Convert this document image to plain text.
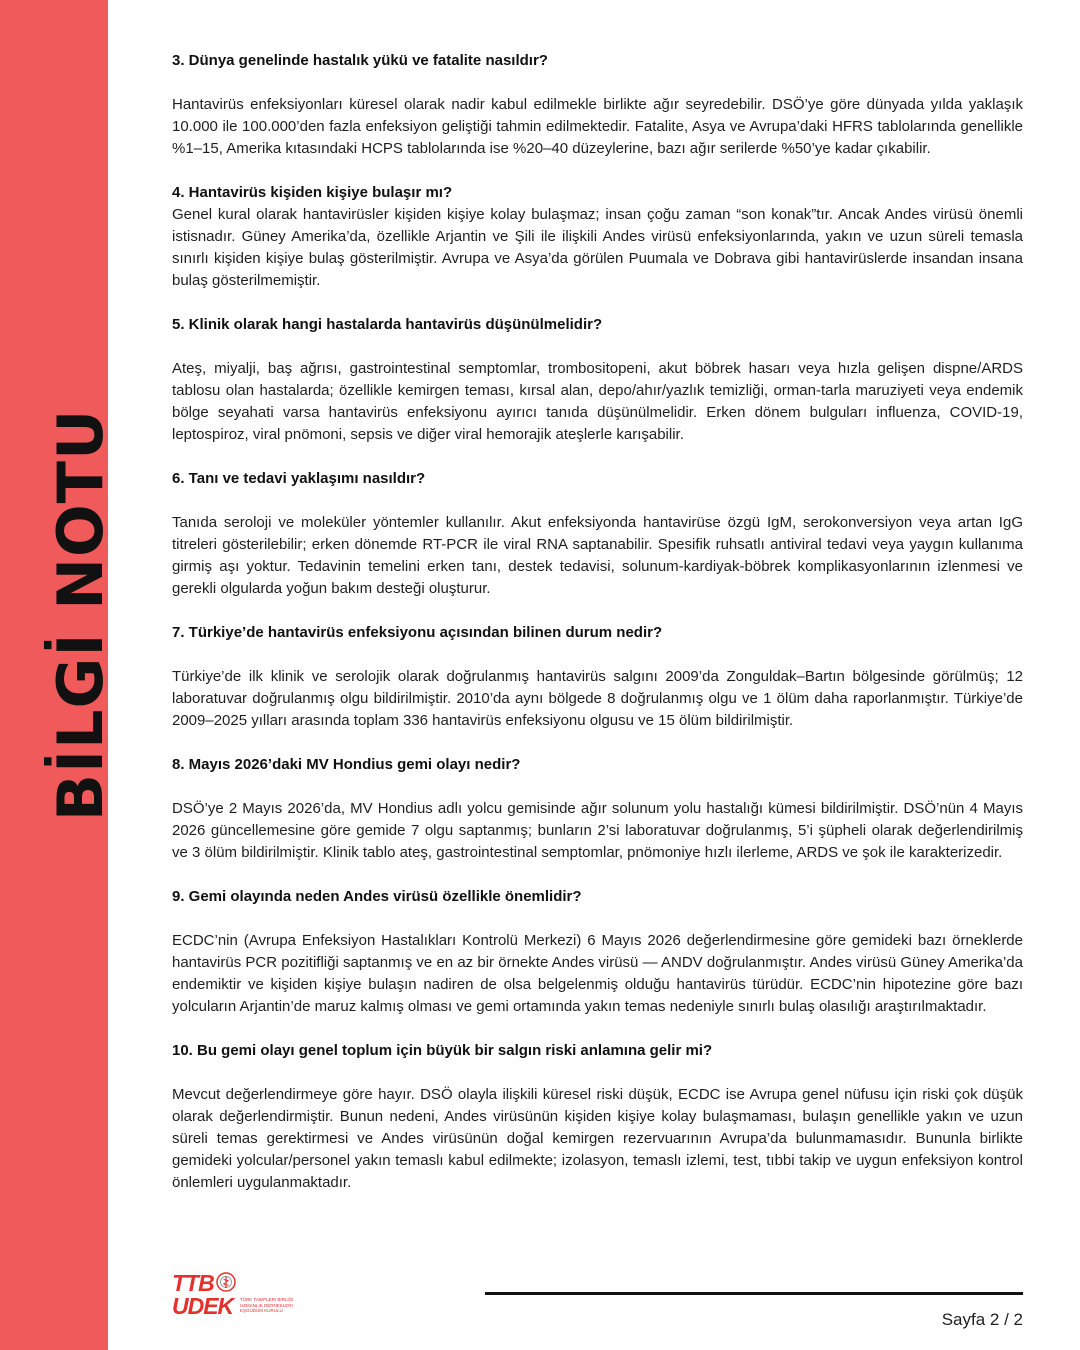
BİLGİ NOTU
3. Dünya genelinde hastalık yükü ve fatalite nasıldır?

Hantavirüs enfeksiyonları küresel olarak nadir kabul edilmekle birlikte ağır seyredebilir. DSÖ’ye göre dünyada yılda yaklaşık 10.000 ile 100.000’den fazla enfeksiyon geliştiği tahmin edilmektedir. Fatalite, Asya ve Avrupa’daki HFRS tablolarında genellikle %1–15, Amerika kıtasındaki HCPS tablolarında ise %20–40 düzeylerine, bazı ağır serilerde %50’ye kadar çıkabilir.

4. Hantavirüs kişiden kişiye bulaşır mı?

Genel kural olarak hantavirüsler kişiden kişiye kolay bulaşmaz; insan çoğu zaman “son konak”tır. Ancak Andes virüsü önemli istisnadır. Güney Amerika’da, özellikle Arjantin ve Şili ile ilişkili Andes virüsü enfeksiyonlarında, yakın ve uzun süreli temasla sınırlı kişiden kişiye bulaş gösterilmiştir. Avrupa ve Asya’da görülen Puumala ve Dobrava gibi hantavirüslerde insandan insana bulaş gösterilmemiştir.

5. Klinik olarak hangi hastalarda hantavirüs düşünülmelidir?

Ateş, miyalji, baş ağrısı, gastrointestinal semptomlar, trombositopeni, akut böbrek hasarı veya hızla gelişen dispne/ARDS tablosu olan hastalarda; özellikle kemirgen teması, kırsal alan, depo/ahır/yazlık temizliği, orman-tarla maruziyeti veya endemik bölge seyahati varsa hantavirüs enfeksiyonu ayırıcı tanıda düşünülmelidir. Erken dönem bulguları influenza, COVID-19, leptospiroz, viral pnömoni, sepsis ve diğer viral hemorajik ateşlerle karışabilir.

6. Tanı ve tedavi yaklaşımı nasıldır?

Tanıda seroloji ve moleküler yöntemler kullanılır. Akut enfeksiyonda hantavirüse özgü IgM, serokonversiyon veya artan IgG titreleri gösterilebilir; erken dönemde RT-PCR ile viral RNA saptanabilir. Spesifik ruhsatlı antiviral tedavi veya yaygın kullanıma girmiş aşı yoktur. Tedavinin temelini erken tanı, destek tedavisi, solunum-kardiyak-böbrek komplikasyonlarının izlenmesi ve gerekli olgularda yoğun bakım desteği oluşturur.

7. Türkiye’de hantavirüs enfeksiyonu açısından bilinen durum nedir?

Türkiye’de ilk klinik ve serolojik olarak doğrulanmış hantavirüs salgını 2009’da Zonguldak–Bartın bölgesinde görülmüş; 12 laboratuvar doğrulanmış olgu bildirilmiştir. 2010’da aynı bölgede 8 doğrulanmış olgu ve 1 ölüm daha raporlanmıştır. Türkiye’de 2009–2025 yılları arasında toplam 336 hantavirüs enfeksiyonu olgusu ve 15 ölüm bildirilmiştir.

8. Mayıs 2026’daki MV Hondius gemi olayı nedir?

DSÖ’ye 2 Mayıs 2026’da, MV Hondius adlı yolcu gemisinde ağır solunum yolu hastalığı kümesi bildirilmiştir. DSÖ’nün 4 Mayıs 2026 güncellemesine göre gemide 7 olgu saptanmış; bunların 2’si laboratuvar doğrulanmış, 5’i şüpheli olarak değerlendirilmiş ve 3 ölüm bildirilmiştir. Klinik tablo ateş, gastrointestinal semptomlar, pnömoniye hızlı ilerleme, ARDS ve şok ile karakterizedir.

9. Gemi olayında neden Andes virüsü özellikle önemlidir?

ECDC’nin (Avrupa Enfeksiyon Hastalıkları Kontrolü Merkezi) 6 Mayıs 2026 değerlendirmesine göre gemideki bazı örneklerde hantavirüs PCR pozitifliği saptanmış ve en az bir örnekte Andes virüsü — ANDV doğrulanmıştır. Andes virüsü Güney Amerika’da endemiktir ve kişiden kişiye bulaşın nadiren de olsa belgelenmiş olduğu hantavirüs türüdür. ECDC’nin hipotezine göre bazı yolcuların Arjantin’de maruz kalmış olması ve gemi ortamında yakın temas nedeniyle sınırlı bulaş olasılığı araştırılmaktadır.

10. Bu gemi olayı genel toplum için büyük bir salgın riski anlamına gelir mi?

Mevcut değerlendirmeye göre hayır. DSÖ olayla ilişkili küresel riski düşük, ECDC ise Avrupa genel nüfusu için riski çok düşük olarak değerlendirmiştir. Bunun nedeni, Andes virüsünün kişiden kişiye kolay bulaşmaması, bulaşın genellikle yakın ve uzun süreli temas gerektirmesi ve Andes virüsünün doğal kemirgen rezervuarının Avrupa’da bulunmamasıdır. Bununla birlikte gemideki yolcular/personel yakın temaslı kabul edilmekte; izolasyon, temaslı izlemi, test, tıbbi takip ve uygun enfeksiyon kontrol önlemleri uygulanmaktadır.

TTB
UDEK TÜRK TABIPLERI BIRLIĞI UZMANLIK DERNEKLERI EŞGÜDÜM KURULU	Sayfa 2 / 2
